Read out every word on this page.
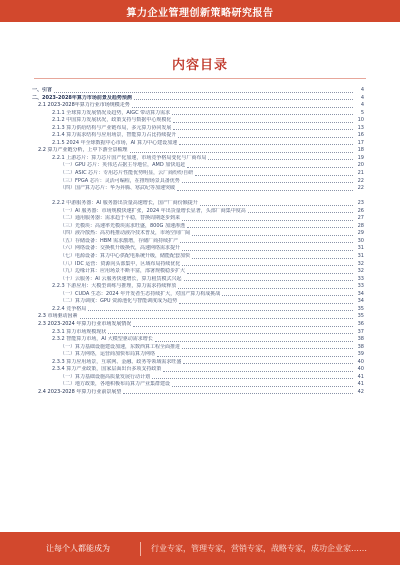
算力企业管理创新策略研究报告
内容目录
一、引言	4
二、2023-2028年算力市场前景及趋势预测	4
2.1 2023-2028年算力行业市场规模走势	4
2.1.1 全球算力发展情况及趋势，AIGC 带动算力需求	5
2.1.2 中国算力发展状况，政策支持与数据中心规模化	10
2.1.3 算力供给结构与产业链布局，多元算力协同发展	13
2.1.4 算力需求结构与应用场景，智能算力占比持续提升	16
2.1.5 2024 年全球数据中心市场，AI 算力中心建设加速	17
2.2 算力产业链分析，上中下游全景梳理	18
2.2.1 上游芯片：算力芯片国产化加速，市场竞争格局变化与厂商布局	19
（一）GPU 芯片：英伟达占据主导地位，AMD 加快追赶	20
（二）ASIC 芯片：专用芯片性能优势明显，云厂商纷纷自研	21
（三）FPGA 芯片：灵活可编程，在推理场景具备优势	22
（四）国产算力芯片：华为昇腾、寒武纪等加速突破	22
2.2.2 中游服务器：AI 服务器出货量高速增长，国产厂商份额提升	23
（一）AI 服务器：市场规模快速扩张，2024 年出货量增长显著，头部厂商集中度高	26
（二）通用服务器：需求趋于平稳，替换周期逐步到来	27
（三）光模块：高速率光模块需求旺盛，800G 加速渗透	28
（四）液冷散热：高功耗推动液冷技术普及，市场空间广阔	29
（五）存储设备：HBM 需求激增，存储厂商持续扩产	30
（六）网络设备：交换机升级换代，高速网络需求提升	31
（七）电源设备：算力中心供配电系统升级，储能配套加快	31
（八）IDC 运营：资源向头部集中，区域布局持续优化	32
（九）边缘计算：应用场景不断丰富，部署规模稳步扩大	32
（十）云服务：AI 云服务快速增长，算力租赁模式兴起	33
2.2.3 下游应用：大模型训练与推理，算力需求持续释放	33
（一）CUDA 生态：2024 年开发者生态持续扩大，对国产算力构成挑战	34
（二）算力调度：GPU 资源池化与智能调度成为趋势	34
2.2.4 竞争格局	35
2.3 市场驱动因素	35
2.3 2023-2024 年算力行业市场发展情况	36
2.3.1 算力市场规模现状	37
2.3.2 智能算力市场，AI 大模型驱动需求增长	38
（一）算力基础设施建设加速，东数西算工程全面推进	38
（二）算力网络，运营商加快布局算力网络	39
2.3.3 算力应用场景，互联网、金融、政务等领域需求旺盛	40
2.3.4 算力产业政策，国家层面出台多项支持政策	40
（一）算力基础设施高质量发展行动计划	41
（二）地方政策，各地积极布局算力产业集群建设	41
2.4 2023-2028 年算力行业前景展望	42
让每个人都能成为	行业专家，管理专家，营销专家，战略专家，成功企业家……
